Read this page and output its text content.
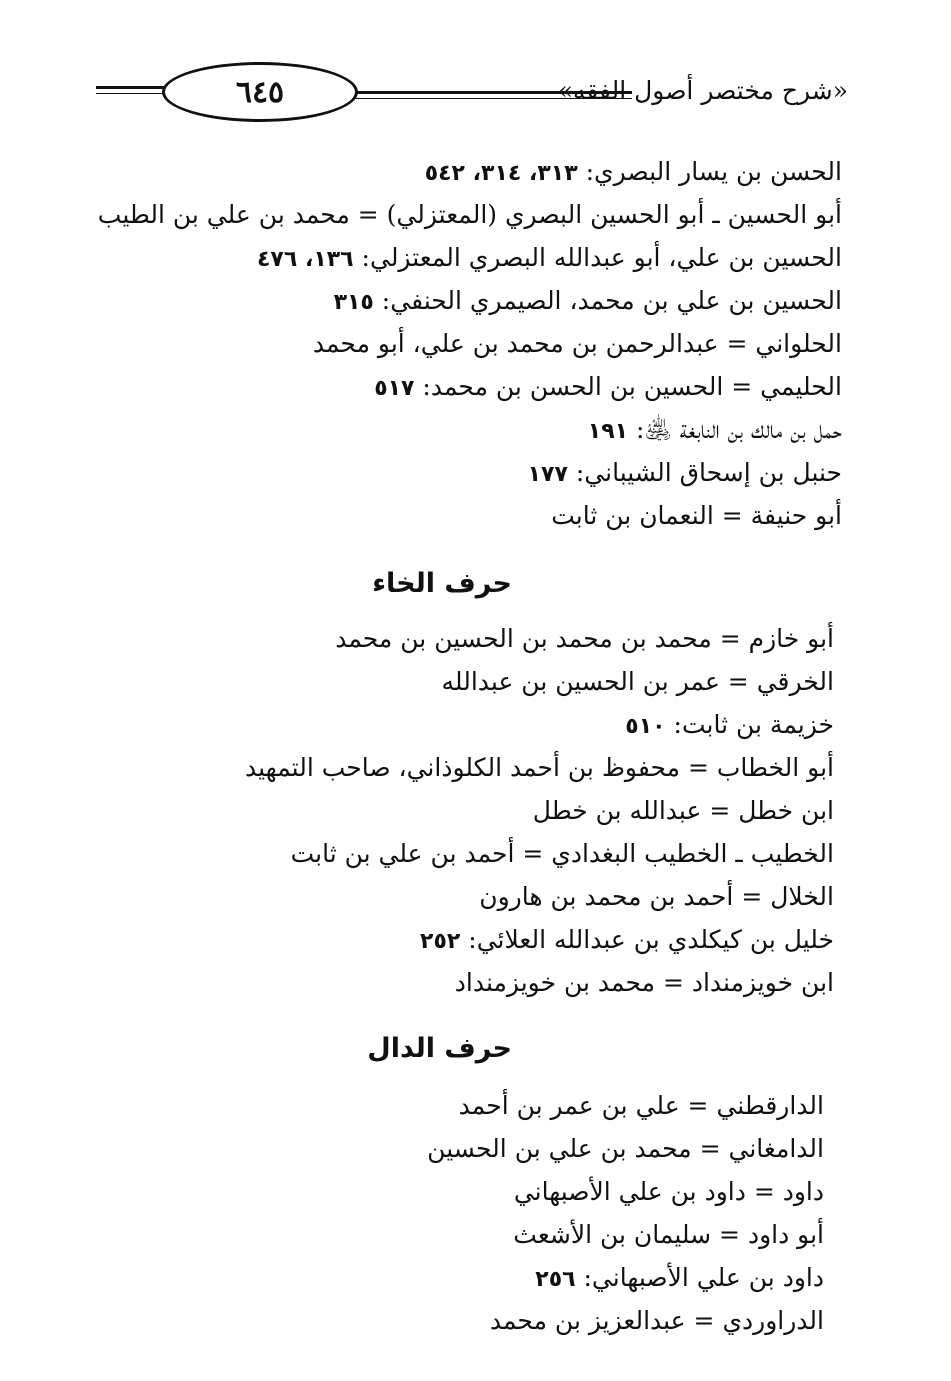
٦٤٥	«شرح مختصر أصول الفقه»
الحسن بن يسار البصري: ٣١٣، ٣١٤، ٥٤٢
أبو الحسين ـ أبو الحسين البصري (المعتزلي) = محمد بن علي بن الطيب
الحسين بن علي، أبو عبدالله البصري المعتزلي: ١٣٦، ٤٧٦
الحسين بن علي بن محمد، الصيمري الحنفي: ٣١٥
الحلواني = عبدالرحمن بن محمد بن علي، أبو محمد
الحليمي = الحسين بن الحسن بن محمد: ٥١٧
حمل بن مالك بن النابغة ﵁: ١٩١
حنبل بن إسحاق الشيباني: ١٧٧
أبو حنيفة = النعمان بن ثابت
حرف الخاء
أبو خازم = محمد بن محمد بن الحسين بن محمد
الخرقي = عمر بن الحسين بن عبدالله
خزيمة بن ثابت: ٥١٠
أبو الخطاب = محفوظ بن أحمد الكلوذاني، صاحب التمهيد
ابن خطل = عبدالله بن خطل
الخطيب ـ الخطيب البغدادي = أحمد بن علي بن ثابت
الخلال = أحمد بن محمد بن هارون
خليل بن كيكلدي بن عبدالله العلائي: ٢٥٢
ابن خويزمنداد = محمد بن خويزمنداد
حرف الدال
الدارقطني = علي بن عمر بن أحمد
الدامغاني = محمد بن علي بن الحسين
داود = داود بن علي الأصبهاني
أبو داود = سليمان بن الأشعث
داود بن علي الأصبهاني: ٢٥٦
الدراوردي = عبدالعزيز بن محمد
